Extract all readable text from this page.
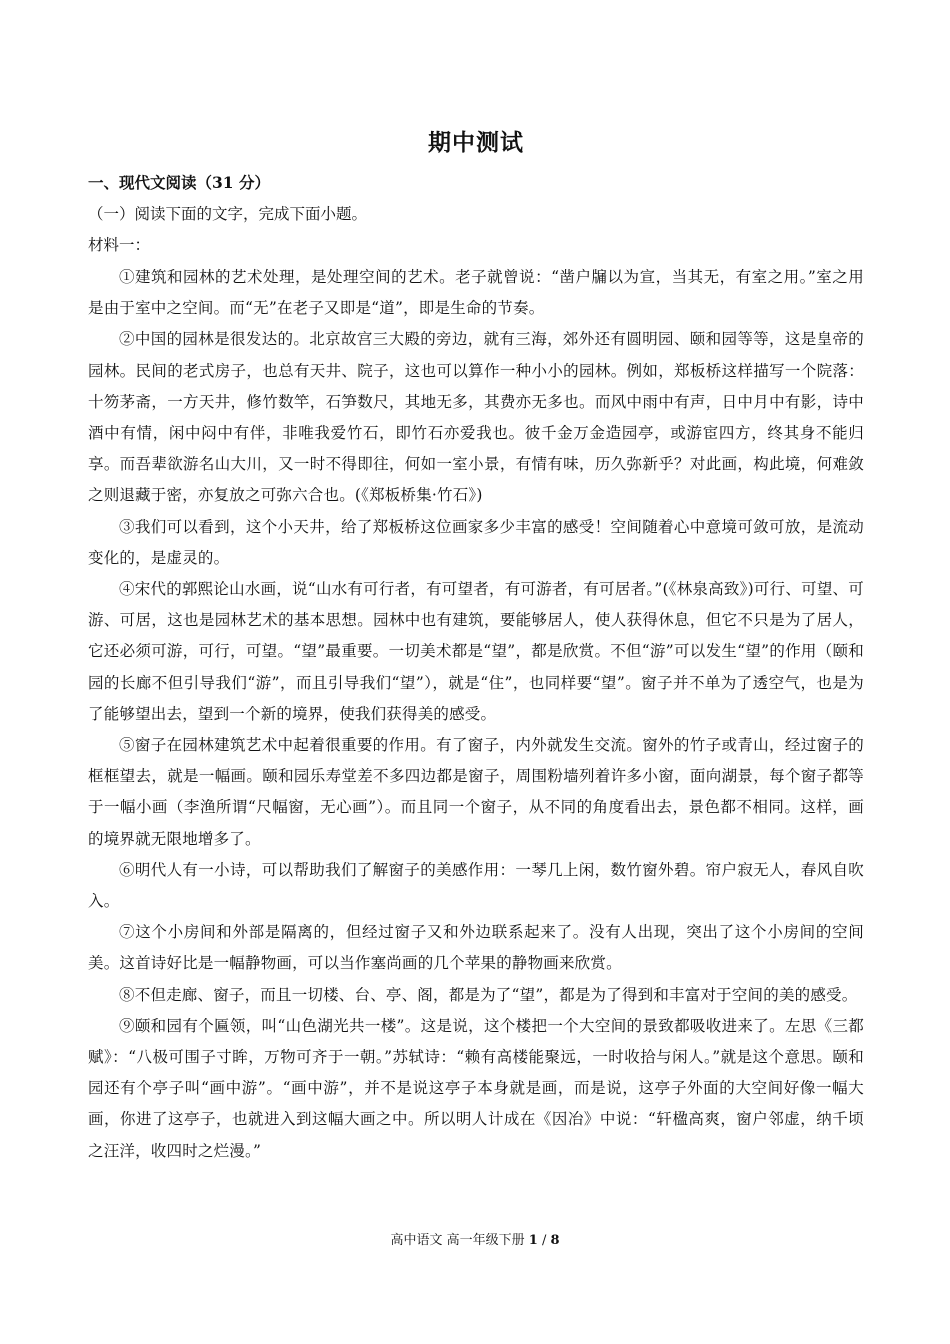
期中测试
一、现代文阅读（31 分）
（一）阅读下面的文字，完成下面小题。
材料一：

①建筑和园林的艺术处理，是处理空间的艺术。老子就曾说：“凿户牖以为宣，当其无，有室之用。”室之用是由于室中之空间。而“无”在老子又即是“道”，即是生命的节奏。

②中国的园林是很发达的。北京故宫三大殿的旁边，就有三海，郊外还有圆明园、颐和园等等，这是皇帝的园林。民间的老式房子，也总有天井、院子，这也可以算作一种小小的园林。例如，郑板桥这样描写一个院落：十笏茅斋，一方天井，修竹数竿，石笋数尺，其地无多，其费亦无多也。而风中雨中有声，日中月中有影，诗中酒中有情，闲中闷中有伴，非唯我爱竹石，即竹石亦爱我也。彼千金万金造园亭，或游宦四方，终其身不能归享。而吾辈欲游名山大川，又一时不得即往，何如一室小景，有情有味，历久弥新乎？对此画，构此境，何难敛之则退藏于密，亦复放之可弥六合也。(《郑板桥集·竹石》)

③我们可以看到，这个小天井，给了郑板桥这位画家多少丰富的感受！空间随着心中意境可敛可放，是流动变化的，是虚灵的。

④宋代的郭熙论山水画，说“山水有可行者，有可望者，有可游者，有可居者。”(《林泉高致》)可行、可望、可游、可居，这也是园林艺术的基本思想。园林中也有建筑，要能够居人，使人获得休息，但它不只是为了居人，它还必须可游，可行，可望。“望”最重要。一切美术都是“望”，都是欣赏。不但“游”可以发生“望”的作用（颐和园的长廊不但引导我们“游”，而且引导我们“望”），就是“住”，也同样要“望”。窗子并不单为了透空气，也是为了能够望出去，望到一个新的境界，使我们获得美的感受。

⑤窗子在园林建筑艺术中起着很重要的作用。有了窗子，内外就发生交流。窗外的竹子或青山，经过窗子的框框望去，就是一幅画。颐和园乐寿堂差不多四边都是窗子，周围粉墙列着许多小窗，面向湖景，每个窗子都等于一幅小画（李渔所谓“尺幅窗，无心画”）。而且同一个窗子，从不同的角度看出去，景色都不相同。这样，画的境界就无限地增多了。

⑥明代人有一小诗，可以帮助我们了解窗子的美感作用：一琴几上闲，数竹窗外碧。帘户寂无人，春风自吹入。

⑦这个小房间和外部是隔离的，但经过窗子又和外边联系起来了。没有人出现，突出了这个小房间的空间美。这首诗好比是一幅静物画，可以当作塞尚画的几个苹果的静物画来欣赏。

⑧不但走廊、窗子，而且一切楼、台、亭、阁，都是为了“望”，都是为了得到和丰富对于空间的美的感受。

⑨颐和园有个匾领，叫“山色湖光共一楼”。这是说，这个楼把一个大空间的景致都吸收进来了。左思《三都赋》：“八极可围子寸眸，万物可齐于一朝。”苏轼诗：“赖有高楼能聚远，一时收拾与闲人。”就是这个意思。颐和园还有个亭子叫“画中游”。“画中游”，并不是说这亭子本身就是画，而是说，这亭子外面的大空间好像一幅大画，你进了这亭子，也就进入到这幅大画之中。所以明人计成在《因冶》中说：“轩楹高爽，窗户邻虚，纳千顷之汪洋，收四时之烂漫。”

高中语文 高一年级下册 1 / 8
